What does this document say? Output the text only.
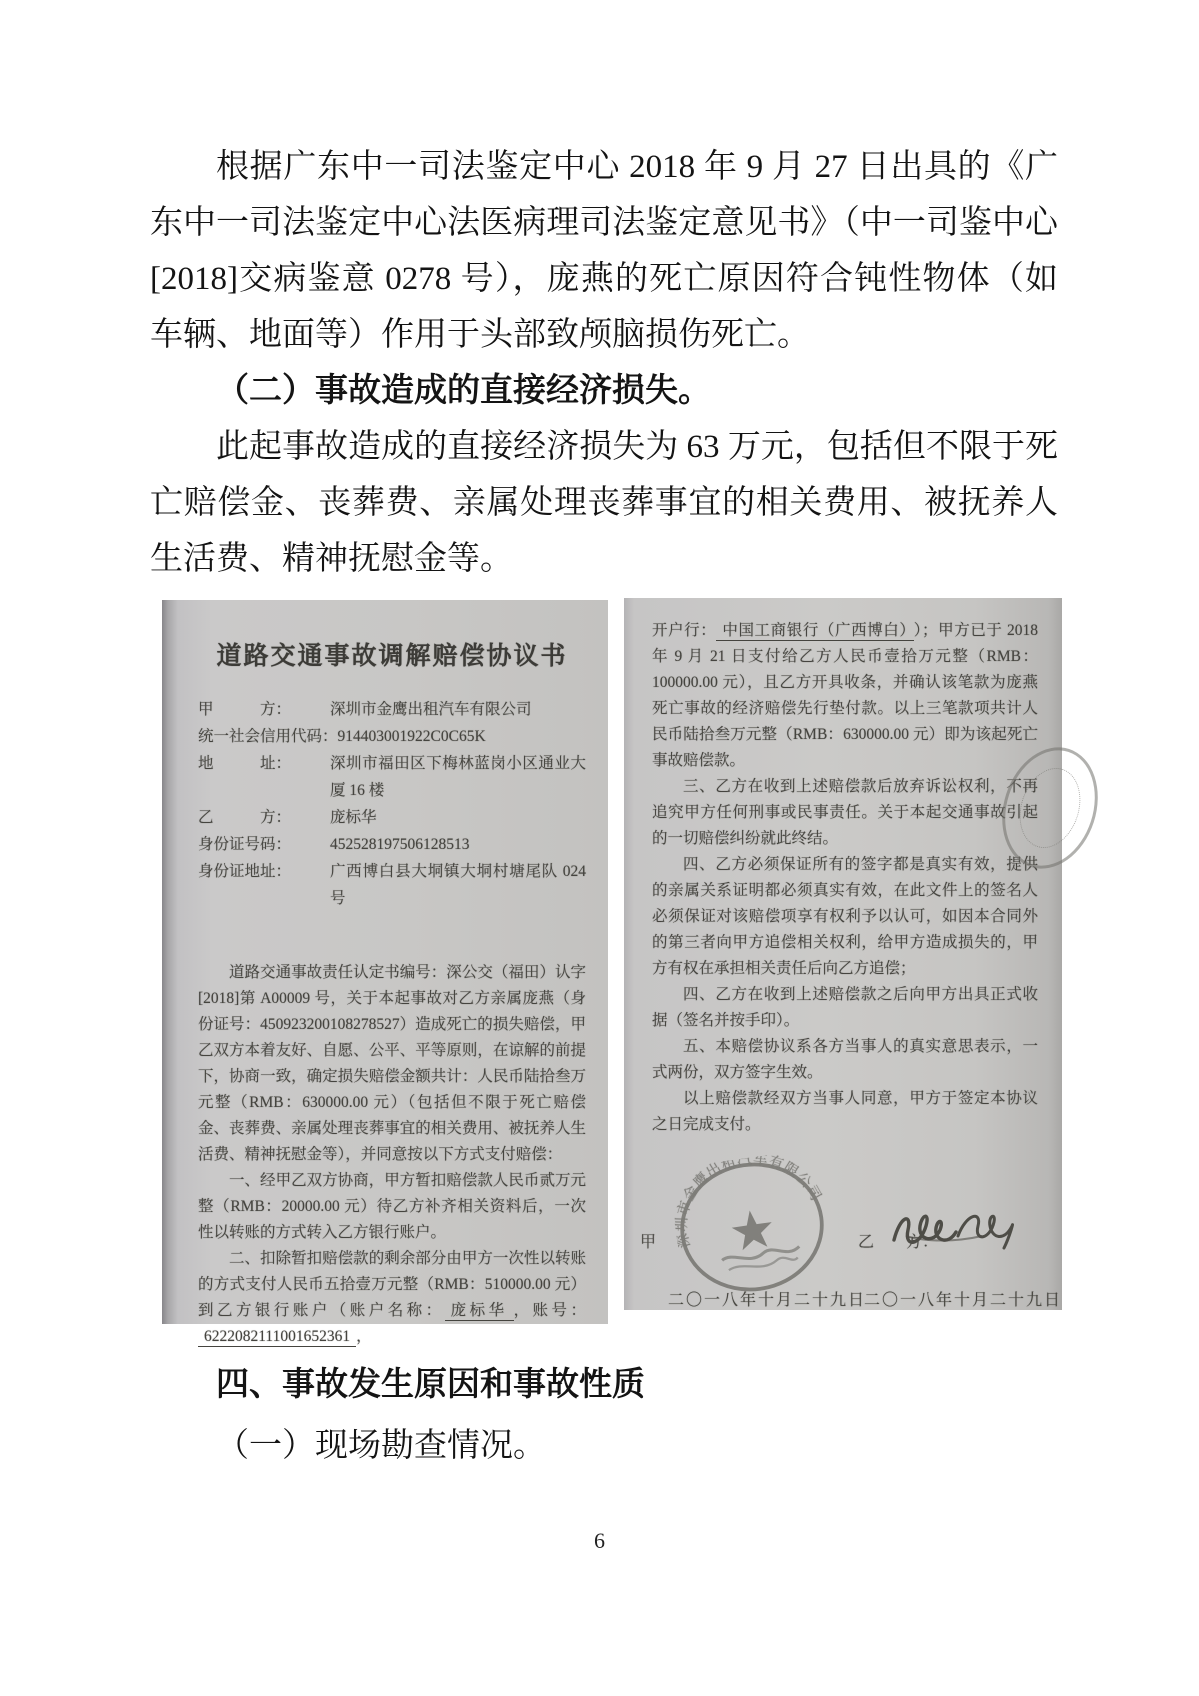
根据广东中一司法鉴定中心 2018 年 9 月 27 日出具的《广东中一司法鉴定中心法医病理司法鉴定意见书》（中一司鉴中心[2018]交病鉴意 0278 号），庞燕的死亡原因符合钝性物体（如车辆、地面等）作用于头部致颅脑损伤死亡。

（二）事故造成的直接经济损失。

此起事故造成的直接经济损失为 63 万元，包括但不限于死亡赔偿金、丧葬费、亲属处理丧葬事宜的相关费用、被抚养人生活费、精神抚慰金等。

道路交通事故调解赔偿协议书
甲　　　方：	深圳市金鹰出租汽车有限公司
统一社会信用代码： 914403001922C0C65K
地　　　址：	深圳市福田区下梅林蓝岗小区通业大厦 16 楼
乙　　　方：	庞标华
身份证号码：	452528197506128513
身份证地址：	广西博白县大垌镇大垌村塘尾队 024 号

道路交通事故责任认定书编号：深公交（福田）认字[2018]第 A00009 号，关于本起事故对乙方亲属庞燕（身份证号：450923200108278527）造成死亡的损失赔偿，甲乙双方本着友好、自愿、公平、平等原则，在谅解的前提下，协商一致，确定损失赔偿金额共计：人民币陆拾叁万元整（RMB：630000.00 元）（包括但不限于死亡赔偿金、丧葬费、亲属处理丧葬事宜的相关费用、被抚养人生活费、精神抚慰金等），并同意按以下方式支付赔偿：

一、经甲乙双方协商，甲方暂扣赔偿款人民币贰万元整（RMB：20000.00 元）待乙方补齐相关资料后，一次性以转账的方式转入乙方银行账户。

二、扣除暂扣赔偿款的剩余部分由甲方一次性以转账的方式支付人民币五拾壹万元整（RMB：510000.00 元）到乙方银行账户（账户名称： 庞标华 ，账号：6222082111001652361 ，

开户行： 中国工商银行（广西博白） ）；甲方已于 2018 年 9 月 21 日支付给乙方人民币壹拾万元整（RMB：100000.00 元），且乙方开具收条，并确认该笔款为庞燕死亡事故的经济赔偿先行垫付款。以上三笔款项共计人民币陆拾叁万元整（RMB：630000.00 元）即为该起死亡事故赔偿款。

三、乙方在收到上述赔偿款后放弃诉讼权利，不再追究甲方任何刑事或民事责任。关于本起交通事故引起的一切赔偿纠纷就此终结。

四、乙方必须保证所有的签字都是真实有效，提供的亲属关系证明都必须真实有效，在此文件上的签名人必须保证对该赔偿项享有权利予以认可，如因本合同外的第三者向甲方追偿相关权利，给甲方造成损失的，甲方有权在承担相关责任后向乙方追偿；

四、乙方在收到上述赔偿款之后向甲方出具正式收据（签名并按手印）。

五、本赔偿协议系各方当事人的真实意思表示，一式两份，双方签字生效。

以上赔偿款经双方当事人同意，甲方于签定本协议之日完成支付。

甲	乙　　方：
深圳市金鹰出租汽车有限公司
二〇一八年十月二十九日
二〇一八年十月二十九日
四、事故发生原因和事故性质
（一）现场勘查情况。
6
